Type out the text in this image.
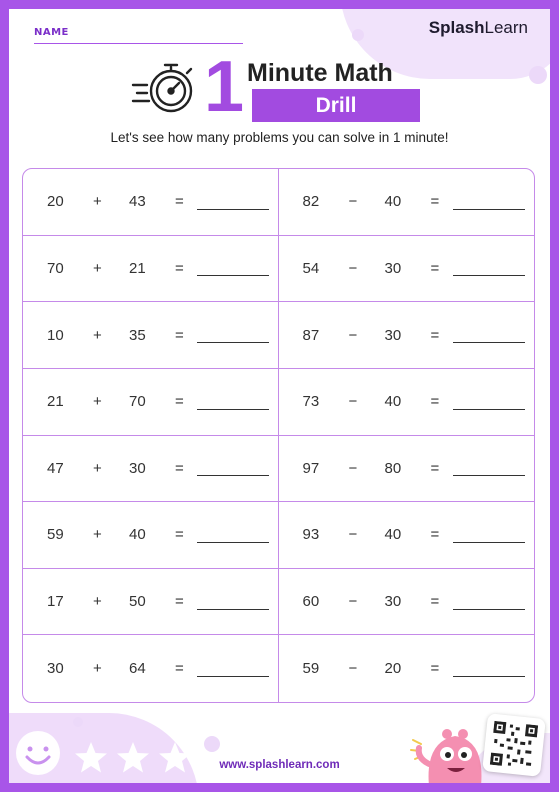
NAME	SplashLearn
1 Minute Math
Drill
Let's see how many problems you can solve in 1 minute!
20 + 43 =	82 − 40 =
70 + 21 =	54 − 30 =
10 + 35 =	87 − 30 =
21 + 70 =	73 − 40 =
47 + 30 =	97 − 80 =
59 + 40 =	93 − 40 =
17 + 50 =	60 − 30 =
30 + 64 =	59 − 20 =
www.splashlearn.com
